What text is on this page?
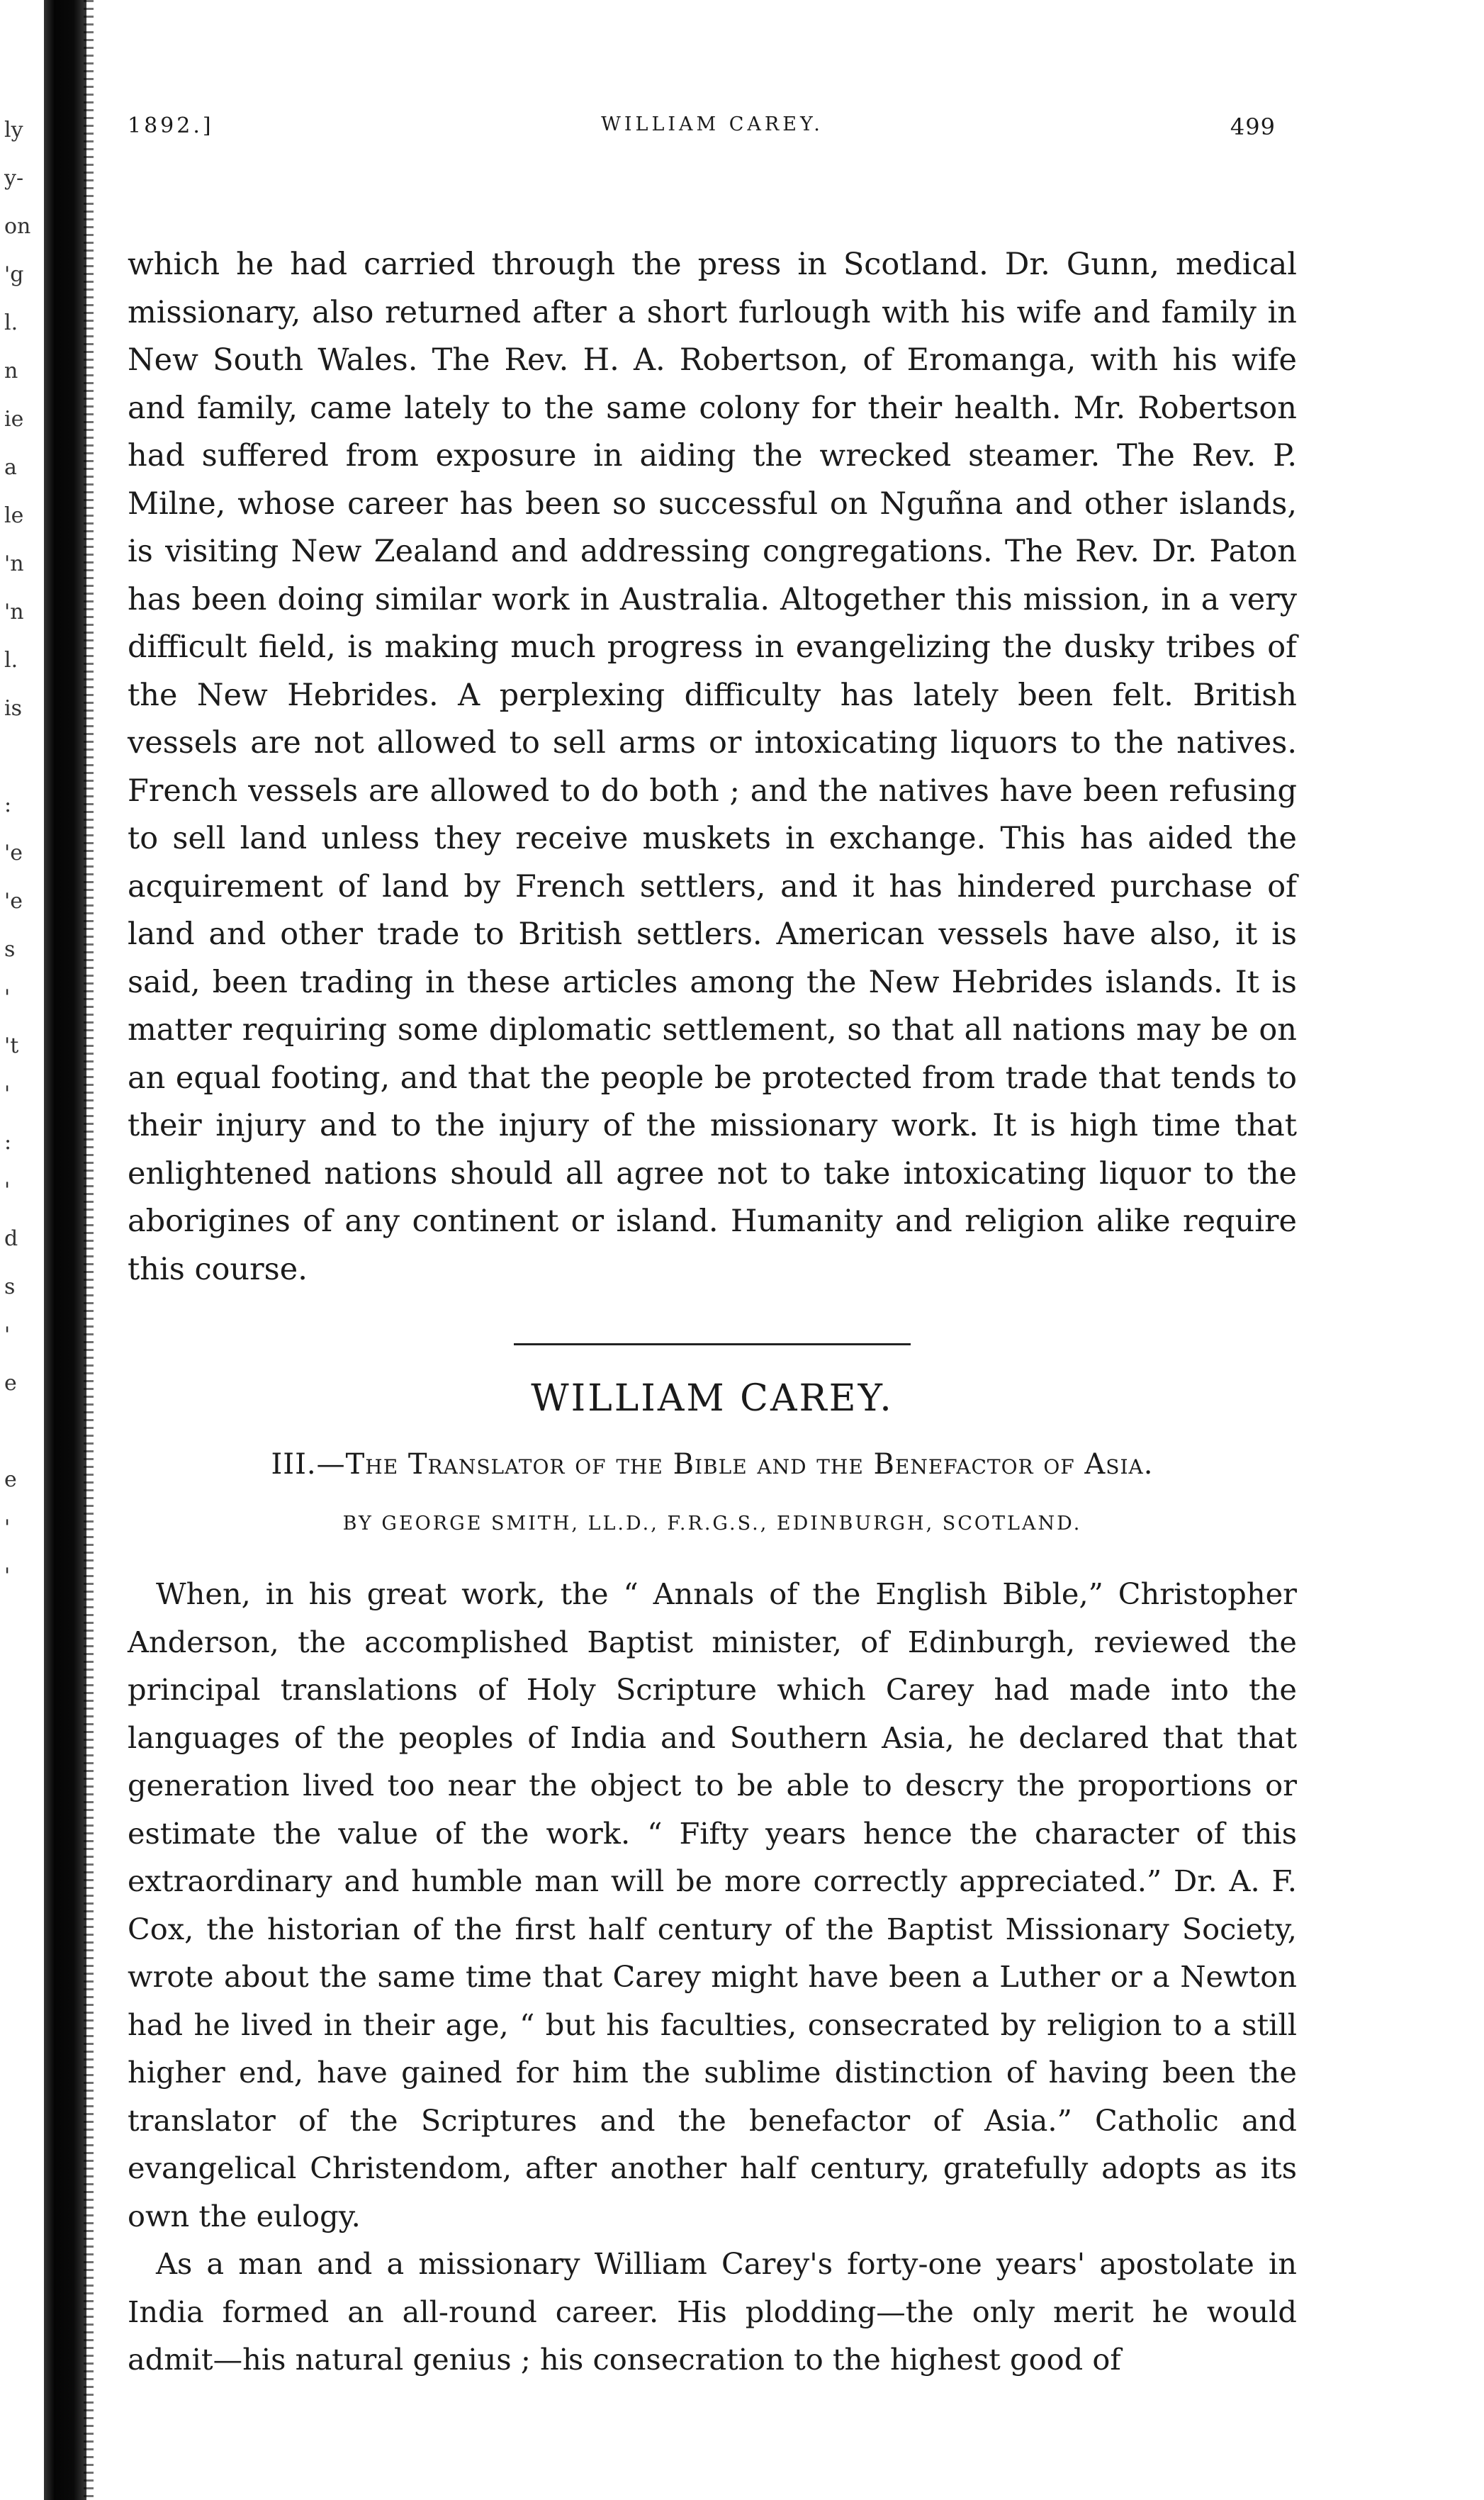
ly
y-
on
'g
l.
n
ie
a
le
'n
'n
l.
is
:
'e
'e
s
'
't
'
:
'
d
s
'
e
e
'
'
1892.]	WILLIAM CAREY.	499

which he had carried through the press in Scotland. Dr. Gunn, medical missionary, also returned after a short furlough with his wife and family in New South Wales. The Rev. H. A. Robertson, of Eromanga, with his wife and family, came lately to the same colony for their health. Mr. Robertson had suffered from exposure in aiding the wrecked steamer. The Rev. P. Milne, whose career has been so successful on Nguñna and other islands, is visiting New Zealand and addressing congregations. The Rev. Dr. Paton has been doing similar work in Australia. Altogether this mission, in a very difficult field, is making much progress in evangelizing the dusky tribes of the New Hebrides. A perplexing difficulty has lately been felt. British vessels are not allowed to sell arms or intoxicating liquors to the natives. French vessels are allowed to do both ; and the natives have been refusing to sell land unless they receive muskets in exchange. This has aided the acquirement of land by French settlers, and it has hindered purchase of land and other trade to British settlers. American vessels have also, it is said, been trading in these articles among the New Hebrides islands. It is matter requiring some diplomatic settlement, so that all nations may be on an equal footing, and that the people be protected from trade that tends to their injury and to the injury of the missionary work. It is high time that enlightened nations should all agree not to take intoxicating liquor to the aborigines of any continent or island. Humanity and religion alike require this course.

WILLIAM CAREY.
III.—The Translator of the Bible and the Benefactor of Asia.
BY GEORGE SMITH, LL.D., F.R.G.S., EDINBURGH, SCOTLAND.

When, in his great work, the “ Annals of the English Bible,” Christopher Anderson, the accomplished Baptist minister, of Edinburgh, reviewed the principal translations of Holy Scripture which Carey had made into the languages of the peoples of India and Southern Asia, he declared that that generation lived too near the object to be able to descry the proportions or estimate the value of the work. “ Fifty years hence the character of this extraordinary and humble man will be more correctly appreciated.” Dr. A. F. Cox, the historian of the first half century of the Baptist Missionary Society, wrote about the same time that Carey might have been a Luther or a Newton had he lived in their age, “ but his faculties, consecrated by religion to a still higher end, have gained for him the sublime distinction of having been the translator of the Scriptures and the benefactor of Asia.” Catholic and evangelical Christendom, after another half century, gratefully adopts as its own the eulogy.

As a man and a missionary William Carey's forty-one years' apostolate in India formed an all-round career. His plodding—the only merit he would admit—his natural genius ; his consecration to the highest good of
